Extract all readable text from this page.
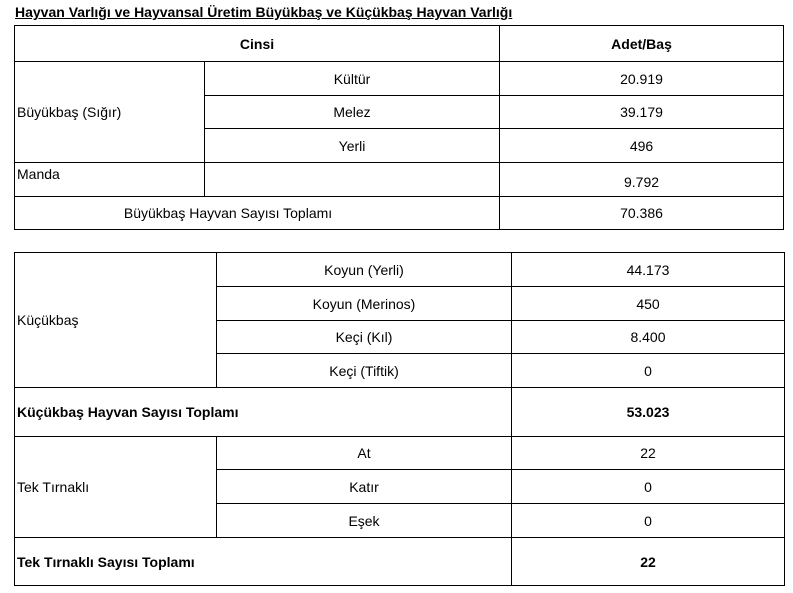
Hayvan Varlığı ve Hayvansal Üretim Büyükbaş ve Küçükbaş Hayvan Varlığı
Cinsi		Adet/Baş
Büyükbaş (Sığır)	Kültür	20.919
	Melez	39.179
	Yerli	496
Manda		9.792
Büyükbaş Hayvan Sayısı Toplamı		70.386
Küçükbaş	Koyun (Yerli)	44.173
	Koyun (Merinos)	450
	Keçi (Kıl)	8.400
	Keçi (Tiftik)	0
Küçükbaş Hayvan Sayısı Toplamı		53.023
Tek Tırnaklı	At	22
	Katır	0
	Eşek	0
Tek Tırnaklı Sayısı Toplamı		22
